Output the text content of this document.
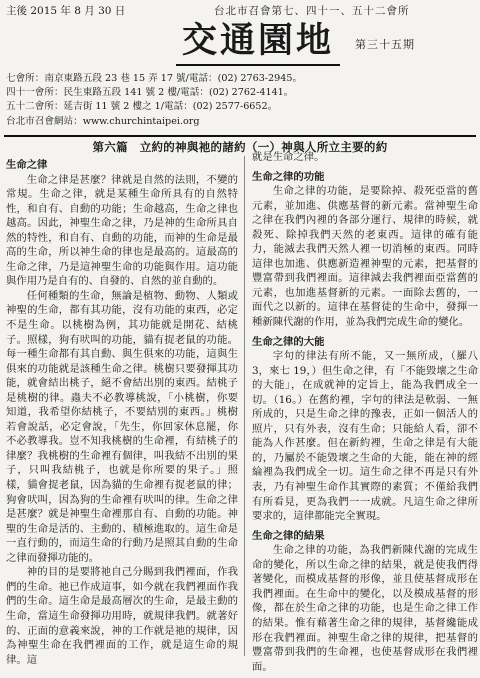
主後 2015 年 8 月 30 日	台北市召會第七、四十一、五十二會所
交通園地	第三十五期
七會所：南京東路五段 23 巷 15 弄 17 號/電話：(02) 2763-2945。
四十一會所：民生東路五段 141 號 2 樓/電話：(02) 2762-4141。
五十二會所：延吉街 11 號 2 樓之 1/電話：(02) 2577-6652。
台北市召會網站：www.churchintaipei.org
第六篇　立約的神與祂的諸約（一）神與人所立主要的約
生命之律

生命之律是甚麼？律就是自然的法則，不變的常規。生命之律，就是某種生命所具有的自然特性，和自有、自動的功能；生命越高，生命之律也越高。因此，神聖生命之律，乃是神的生命所具自然的特性，和自有、自動的功能，而神的生命是最高的生命，所以神生命的律也是最高的。這最高的生命之律，乃是這神聖生命的功能與作用。這功能與作用乃是自有的、自發的、自然的並自動的。

任何種類的生命，無論是植物、動物、人類或神聖的生命，都有其功能，沒有功能的東西，必定不是生命。以桃樹為例，其功能就是開花、結桃子。照樣，狗有吠叫的功能，貓有捉老鼠的功能。每一種生命都有其自動、與生俱來的功能，這與生俱來的功能就是該種生命之律。桃樹只要發揮其功能，就會結出桃子，絕不會結出別的東西。結桃子是桃樹的律。蟲夫不必教導桃說，「小桃樹，你要知道，我希望你結桃子，不要結別的東西。」桃樹若會說話，必定會說，「先生，你回家休息罷，你不必教導我。豈不知我桃樹的生命裡，有結桃子的律麼？我桃樹的生命裡有個律，叫我結不出別的果子，只叫我結桃子，也就是你所要的果子。」照樣，貓會捉老鼠，因為貓的生命裡有捉老鼠的律；狗會吠叫，因為狗的生命裡有吠叫的律。生命之律是甚麼？就是神聖生命裡那自有、自動的功能。神聖的生命是活的、主動的、積極進取的。這生命是一直行動的，而這生命的行動乃是照其自動的生命之律而發揮功能的。

神的目的是要將祂自己分賜到我們裡面，作我們的生命。祂已作成這事，如今就在我們裡面作我們的生命。這生命是最高層次的生命，是最主動的生命，當這生命發揮功用時，就規律我們。就著好的、正面的意義來說，神的工作就是祂的規律，因為神聖生命在我們裡面的工作，就是這生命的規律。這

就是生命之律。

生命之律的功能

生命之律的功能，是要除掉、殺死亞當的舊元素，並加進、供應基督的新元素。當神聖生命之律在我們內裡的各部分運行、規律的時候，就殺死、除掉我們天然的老東西。這律的確有能力，能滅去我們天然人裡一切消極的東西。同時這律也加進、供應新造裡神聖的元素，把基督的豐富帶到我們裡面。這律減去我們裡面亞當舊的元素，也加進基督新的元素。一面除去舊的，一面代之以新的。這律在基督徒的生命中，發揮一種新陳代謝的作用，並為我們完成生命的變化。

生命之律的大能

字句的律法有所不能，又一無所成，（羅八 3，來七 19，）但生命之律，有「不能毀壞之生命的大能」，在成就神的定旨上，能為我們成全一切。（16。）在舊約裡，字句的律法是軟弱、一無所成的，只是生命之律的豫表，正如一個活人的照片，只有外表，沒有生命；只能給人看，卻不能為人作甚麼。但在新約裡，生命之律是有大能的，乃屬於不能毀壞之生命的大能，能在神的經綸裡為我們成全一切。這生命之律不再是只有外表，乃有神聖生命作其實際的素質；不僅給我們有所看見，更為我們一一成就。凡這生命之律所要求的，這律都能完全實現。

生命之律的結果

生命之律的功能，為我們新陳代謝的完成生命的變化，所以生命之律的結果，就是使我們得著變化，而模成基督的形像，並且使基督成形在我們裡面。在生命中的變化，以及模成基督的形像，都在於生命之律的功能，也是生命之律工作的結果。惟有藉著生命之律的規律，基督纔能成形在我們裡面。神聖生命之律的規律，把基督的豐富帶到我們的生命裡，也使基督成形在我們裡面。
